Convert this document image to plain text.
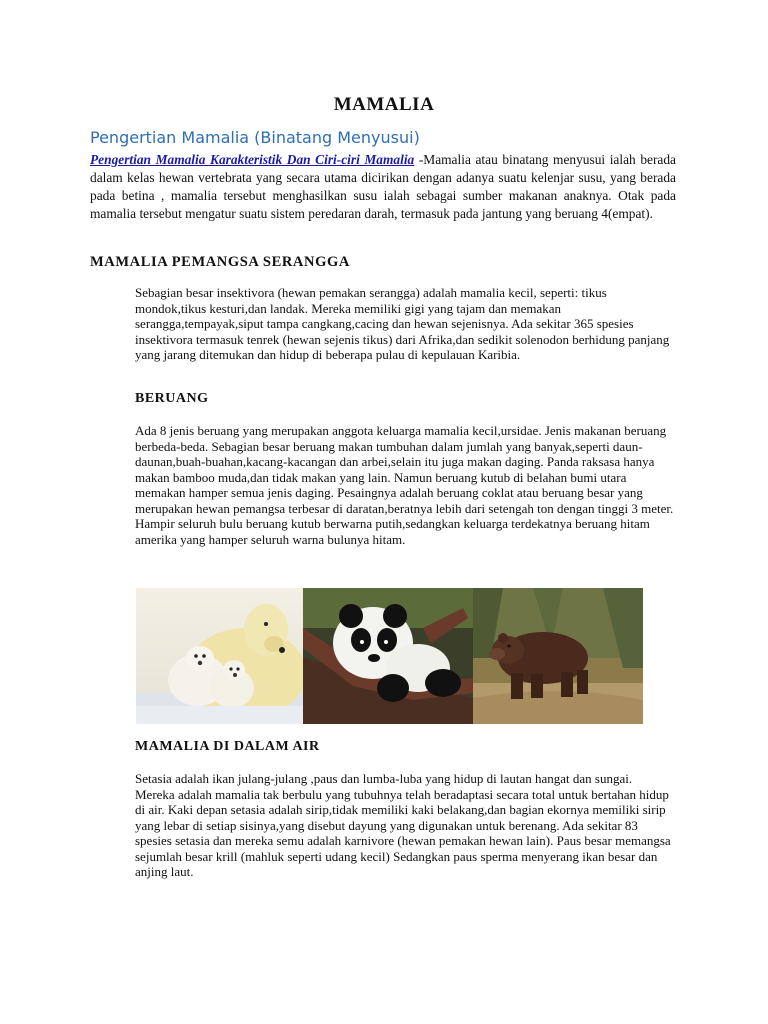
MAMALIA
Pengertian Mamalia (Binatang Menyusui)
Pengertian Mamalia Karakteristik Dan Ciri-ciri Mamalia -Mamalia atau binatang menyusui ialah berada dalam kelas hewan vertebrata yang secara utama dicirikan dengan adanya suatu kelenjar susu, yang berada pada betina , mamalia tersebut menghasilkan susu ialah sebagai sumber makanan anaknya. Otak pada mamalia tersebut mengatur suatu sistem peredaran darah, termasuk pada jantung yang beruang 4(empat).
MAMALIA PEMANGSA SERANGGA
Sebagian besar insektivora (hewan pemakan serangga) adalah mamalia kecil, seperti: tikus mondok,tikus kesturi,dan landak. Mereka memiliki gigi yang tajam dan memakan serangga,tempayak,siput tampa cangkang,cacing dan hewan sejenisnya. Ada sekitar 365 spesies insektivora termasuk tenrek (hewan sejenis tikus) dari Afrika,dan sedikit solenodon berhidung panjang yang jarang ditemukan dan hidup di beberapa pulau di kepulauan Karibia.
BERUANG
Ada 8 jenis beruang yang merupakan anggota keluarga mamalia kecil,ursidae. Jenis makanan beruang berbeda-beda. Sebagian besar beruang makan tumbuhan dalam jumlah yang banyak,seperti daun-daunan,buah-buahan,kacang-kacangan dan arbei,selain itu juga makan daging. Panda raksasa hanya makan bamboo muda,dan tidak makan yang lain. Namun beruang kutub di belahan bumi utara memakan hamper semua jenis daging. Pesaingnya adalah beruang coklat atau beruang besar yang merupakan hewan pemangsa terbesar di daratan,beratnya lebih dari setengah ton dengan tinggi 3 meter. Hampir seluruh bulu beruang kutub berwarna putih,sedangkan keluarga terdekatnya beruang hitam amerika yang hamper seluruh warna bulunya hitam.
MAMALIA DI DALAM AIR
Setasia adalah ikan julang-julang ,paus dan lumba-luba yang hidup di lautan hangat dan sungai. Mereka adalah mamalia tak berbulu yang tubuhnya telah beradaptasi secara total untuk bertahan hidup di air. Kaki depan setasia adalah sirip,tidak memiliki kaki belakang,dan bagian ekornya memiliki sirip yang lebar di setiap sisinya,yang disebut dayung yang digunakan untuk berenang. Ada sekitar 83 spesies setasia dan mereka semu adalah karnivore (hewan pemakan hewan lain). Paus besar memangsa sejumlah besar krill (mahluk seperti udang kecil) Sedangkan paus sperma menyerang ikan besar dan anjing laut.
